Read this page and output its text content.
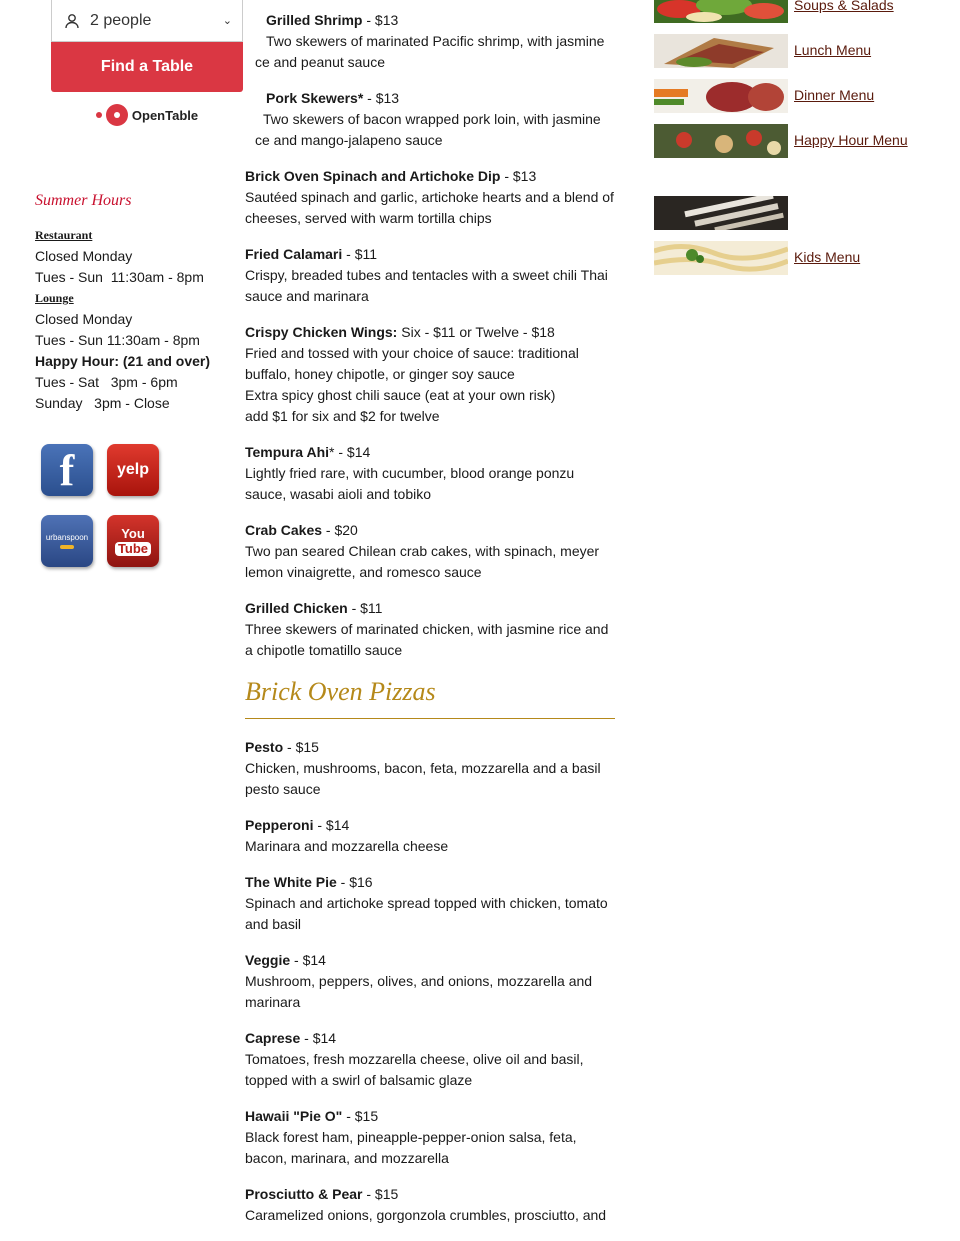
2 people	⌄
Find a Table
OpenTable
Summer Hours
Restaurant
Closed Monday
Tues - Sun  11:30am - 8pm
Lounge
Closed Monday
Tues - Sun 11:30am - 8pm
Happy Hour: (21 and over)
Tues - Sat   3pm - 6pm
Sunday   3pm - Close
f	yelp
urbanspoon	You
Tube
Grilled Shrimp - $13
Two skewers of marinated Pacific shrimp, with jasmine
ce and peanut sauce
Pork Skewers* - $13
Two skewers of bacon wrapped pork loin, with jasmine
ce and mango-jalapeno sauce
Brick Oven Spinach and Artichoke Dip - $13
Sautéed spinach and garlic, artichoke hearts and a blend of
cheeses, served with warm tortilla chips
Fried Calamari - $11
Crispy, breaded tubes and tentacles with a sweet chili Thai
sauce and marinara
Crispy Chicken Wings: Six - $11 or Twelve - $18
Fried and tossed with your choice of sauce: traditional
buffalo, honey chipotle, or ginger soy sauce
Extra spicy ghost chili sauce (eat at your own risk)
add $1 for six and $2 for twelve
Tempura Ahi* - $14
Lightly fried rare, with cucumber, blood orange ponzu
sauce, wasabi aioli and tobiko
Crab Cakes - $20
Two pan seared Chilean crab cakes, with spinach, meyer
lemon vinaigrette, and romesco sauce
Grilled Chicken - $11
Three skewers of marinated chicken, with jasmine rice and
a chipotle tomatillo sauce
Brick Oven Pizzas
Pesto - $15
Chicken, mushrooms, bacon, feta, mozzarella and a basil
pesto sauce
Pepperoni - $14
Marinara and mozzarella cheese
The White Pie - $16
Spinach and artichoke spread topped with chicken, tomato
and basil
Veggie - $14
Mushroom, peppers, olives, and onions, mozzarella and
marinara
Caprese - $14
Tomatoes, fresh mozzarella cheese, olive oil and basil,
topped with a swirl of balsamic glaze
Hawaii "Pie O" - $15
Black forest ham, pineapple-pepper-onion salsa, feta,
bacon, marinara, and mozzarella
Prosciutto & Pear - $15
Caramelized onions, gorgonzola crumbles, prosciutto, and
Soups & Salads
Lunch Menu
Dinner Menu
Happy Hour Menu
Kids Menu
